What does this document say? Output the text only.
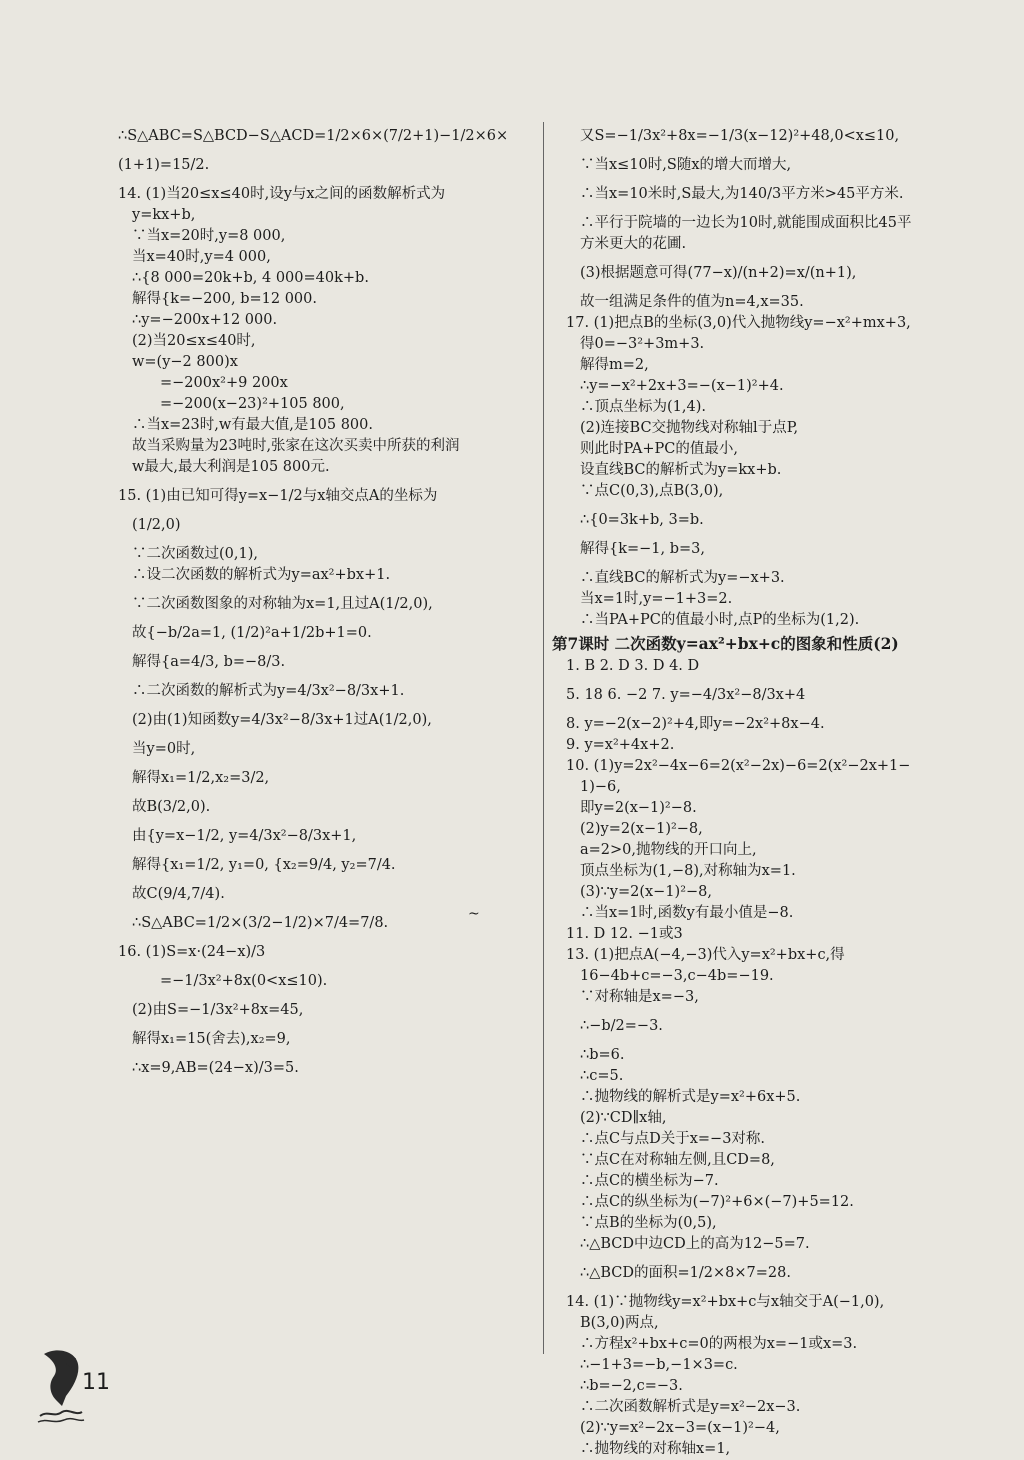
∴S△ABC=S△BCD−S△ACD=1/2×6×(7/2+1)−1/2×6×
(1+1)=15/2.
14. (1)当20≤x≤40时,设y与x之间的函数解析式为
y=kx+b,
∵当x=20时,y=8 000,
当x=40时,y=4 000,
∴{8 000=20k+b, 4 000=40k+b.
解得{k=−200, b=12 000.
∴y=−200x+12 000.
(2)当20≤x≤40时,
w=(y−2 800)x
=−200x²+9 200x
=−200(x−23)²+105 800,
∴当x=23时,w有最大值,是105 800.
故当采购量为23吨时,张家在这次买卖中所获的利润
w最大,最大利润是105 800元.
15. (1)由已知可得y=x−1/2与x轴交点A的坐标为
(1/2,0)
∵二次函数过(0,1),
∴设二次函数的解析式为y=ax²+bx+1.
∵二次函数图象的对称轴为x=1,且过A(1/2,0),
故{−b/2a=1, (1/2)²a+1/2b+1=0.
解得{a=4/3, b=−8/3.
∴二次函数的解析式为y=4/3x²−8/3x+1.
(2)由(1)知函数y=4/3x²−8/3x+1过A(1/2,0),
当y=0时,
解得x₁=1/2,x₂=3/2,
故B(3/2,0).
由{y=x−1/2, y=4/3x²−8/3x+1,
解得{x₁=1/2, y₁=0, {x₂=9/4, y₂=7/4.
故C(9/4,7/4).
∴S△ABC=1/2×(3/2−1/2)×7/4=7/8.
16. (1)S=x·(24−x)/3
=−1/3x²+8x(0<x≤10).
(2)由S=−1/3x²+8x=45,
解得x₁=15(舍去),x₂=9,
∴x=9,AB=(24−x)/3=5.
又S=−1/3x²+8x=−1/3(x−12)²+48,0<x≤10,
∵当x≤10时,S随x的增大而增大,
∴当x=10米时,S最大,为140/3平方米>45平方米.
∴平行于院墙的一边长为10时,就能围成面积比45平
方米更大的花圃.
(3)根据题意可得(77−x)/(n+2)=x/(n+1),
故一组满足条件的值为n=4,x=35.
17. (1)把点B的坐标(3,0)代入抛物线y=−x²+mx+3,
得0=−3²+3m+3.
解得m=2,
∴y=−x²+2x+3=−(x−1)²+4.
∴顶点坐标为(1,4).
(2)连接BC交抛物线对称轴l于点P,
则此时PA+PC的值最小,
设直线BC的解析式为y=kx+b.
∵点C(0,3),点B(3,0),
∴{0=3k+b, 3=b.
解得{k=−1, b=3,
∴直线BC的解析式为y=−x+3.
当x=1时,y=−1+3=2.
∴当PA+PC的值最小时,点P的坐标为(1,2).
第7课时 二次函数y=ax²+bx+c的图象和性质(2)
1. B 2. D 3. D 4. D
5. 18 6. −2 7. y=−4/3x²−8/3x+4
8. y=−2(x−2)²+4,即y=−2x²+8x−4.
9. y=x²+4x+2.
10. (1)y=2x²−4x−6=2(x²−2x)−6=2(x²−2x+1−
1)−6,
即y=2(x−1)²−8.
(2)y=2(x−1)²−8,
a=2>0,抛物线的开口向上,
顶点坐标为(1,−8),对称轴为x=1.
(3)∵y=2(x−1)²−8,
∴当x=1时,函数y有最小值是−8.
11. D 12. −1或3
13. (1)把点A(−4,−3)代入y=x²+bx+c,得
16−4b+c=−3,c−4b=−19.
∵对称轴是x=−3,
∴−b/2=−3.
∴b=6.
∴c=5.
∴抛物线的解析式是y=x²+6x+5.
(2)∵CD∥x轴,
∴点C与点D关于x=−3对称.
∵点C在对称轴左侧,且CD=8,
∴点C的横坐标为−7.
∴点C的纵坐标为(−7)²+6×(−7)+5=12.
∵点B的坐标为(0,5),
∴△BCD中边CD上的高为12−5=7.
∴△BCD的面积=1/2×8×7=28.
14. (1)∵抛物线y=x²+bx+c与x轴交于A(−1,0),
B(3,0)两点,
∴方程x²+bx+c=0的两根为x=−1或x=3.
∴−1+3=−b,−1×3=c.
∴b=−2,c=−3.
∴二次函数解析式是y=x²−2x−3.
(2)∵y=x²−2x−3=(x−1)²−4,
∴抛物线的对称轴x=1,
11
~
